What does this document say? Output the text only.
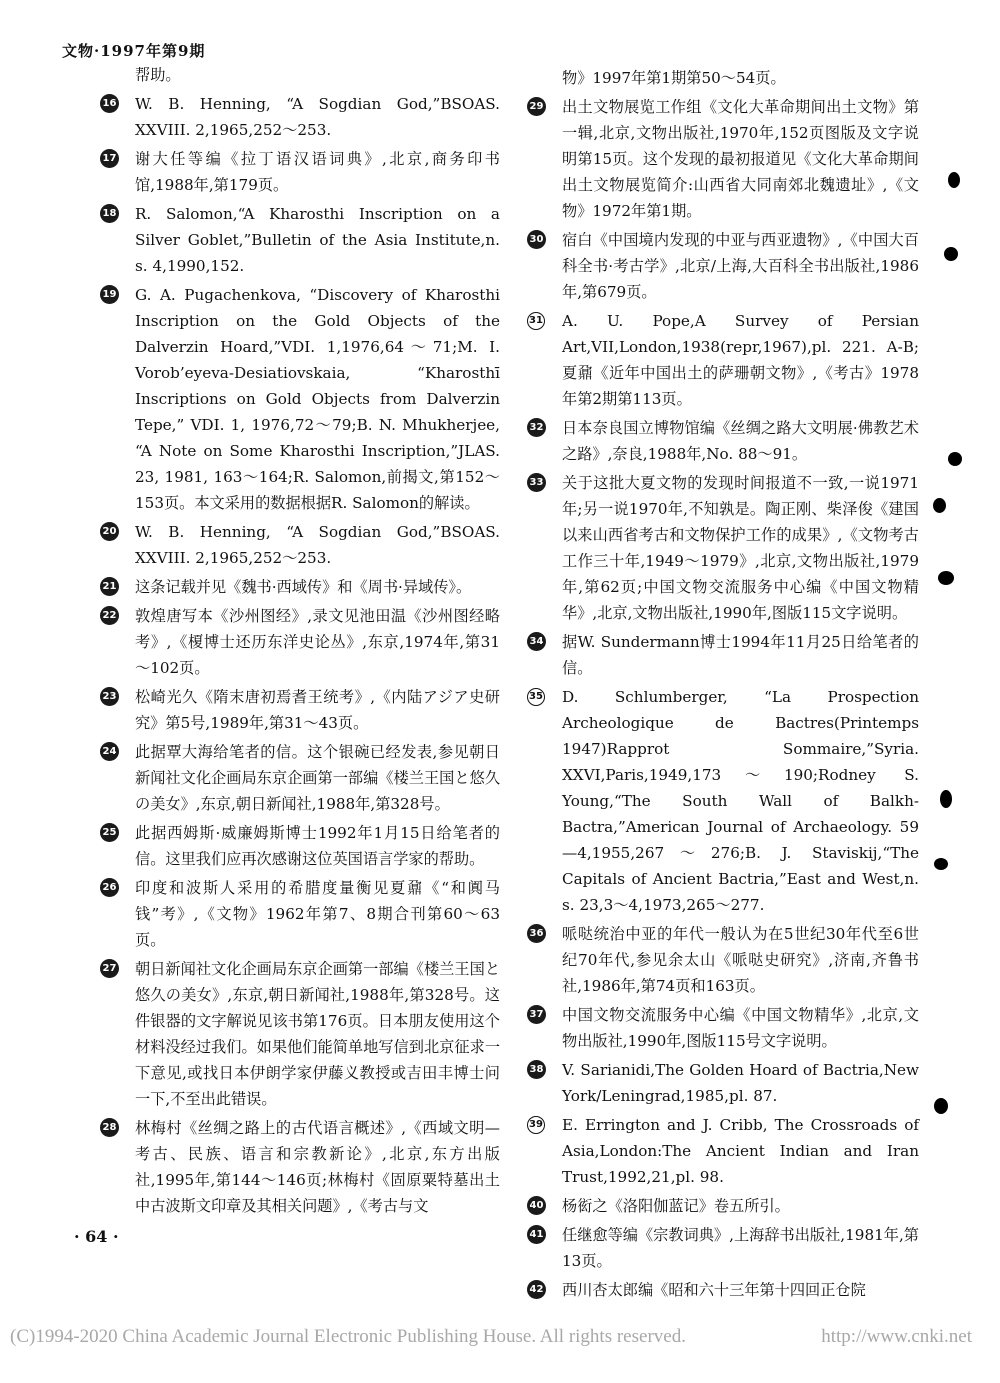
文物·1997年第9期
帮助。
16 W. B. Henning, “A Sogdian God,”BSOAS. XXVIII. 2,1965,252～253.
17 谢大任等编《拉丁语汉语词典》,北京,商务印书馆,1988年,第179页。
18 R. Salomon,“A Kharosthi Inscription on a Silver Goblet,”Bulletin of the Asia Institute,n. s. 4,1990,152.
19 G. A. Pugachenkova, “Discovery of Kharosthi Inscription on the Gold Objects of the Dalverzin Hoard,”VDI. 1,1976,64～71;M. I. Vorob’eyeva-Desiatiovskaia, “Kharosthī Inscriptions on Gold Objects from Dalverzin Tepe,” VDI. 1, 1976,72～79;B. N. Mhukherjee, “A Note on Some Kharosthi Inscription,”JLAS. 23, 1981, 163～164;R. Salomon,前揭文,第152～153页。本文采用的数据根据R. Salomon的解读。
20 W. B. Henning, “A Sogdian God,”BSOAS. XXVIII. 2,1965,252～253.
21 这条记载并见《魏书·西域传》和《周书·异域传》。
22 敦煌唐写本《沙州图经》,录文见池田温《沙州图经略考》,《榎博士还历东洋史论丛》,东京,1974年,第31～102页。
23 松崎光久《隋末唐初焉耆王统考》,《内陆アジア史研究》第5号,1989年,第31～43页。
24 此据覃大海给笔者的信。这个银碗已经发表,参见朝日新闻社文化企画局东京企画第一部编《楼兰王国と悠久の美女》,东京,朝日新闻社,1988年,第328号。
25 此据西姆斯·威廉姆斯博士1992年1月15日给笔者的信。这里我们应再次感谢这位英国语言学家的帮助。
26 印度和波斯人采用的希腊度量衡见夏鼐《“和阗马钱”考》,《文物》1962年第7、8期合刊第60～63页。
27 朝日新闻社文化企画局东京企画第一部编《楼兰王国と悠久の美女》,东京,朝日新闻社,1988年,第328号。这件银器的文字解说见该书第176页。日本朋友使用这个材料没经过我们。如果他们能简单地写信到北京征求一下意见,或找日本伊朗学家伊藤义教授或吉田丰博士问一下,不至出此错误。
28 林梅村《丝绸之路上的古代语言概述》,《西域文明—考古、民族、语言和宗教新论》,北京,东方出版社,1995年,第144～146页;林梅村《固原粟特墓出土中古波斯文印章及其相关问题》,《考古与文
物》1997年第1期第50～54页。
29 出土文物展览工作组《文化大革命期间出土文物》第一辑,北京,文物出版社,1970年,152页图版及文字说明第15页。这个发现的最初报道见《文化大革命期间出土文物展览简介:山西省大同南郊北魏遗址》,《文物》1972年第1期。
30 宿白《中国境内发现的中亚与西亚遗物》,《中国大百科全书·考古学》,北京/上海,大百科全书出版社,1986年,第679页。
31 A. U. Pope,A Survey of Persian Art,VII,London,1938(repr,1967),pl. 221. A-B;夏鼐《近年中国出土的萨珊朝文物》,《考古》1978年第2期第113页。
32 日本奈良国立博物馆编《丝绸之路大文明展·佛教艺术之路》,奈良,1988年,No. 88～91。
33 关于这批大夏文物的发现时间报道不一致,一说1971年;另一说1970年,不知孰是。陶正刚、柴泽俊《建国以来山西省考古和文物保护工作的成果》,《文物考古工作三十年,1949～1979》,北京,文物出版社,1979年,第62页;中国文物交流服务中心编《中国文物精华》,北京,文物出版社,1990年,图版115文字说明。
34 据W. Sundermann博士1994年11月25日给笔者的信。
35 D. Schlumberger, “La Prospection Archeologique de Bactres(Printemps 1947)Rapprot Sommaire,”Syria. XXVI,Paris,1949,173～190;Rodney S. Young,“The South Wall of Balkh-Bactra,”American Journal of Archaeology. 59—4,1955,267～276;B. J. Staviskij,“The Capitals of Ancient Bactria,”East and West,n. s. 23,3～4,1973,265～277.
36 哌哒统治中亚的年代一般认为在5世纪30年代至6世纪70年代,参见余太山《哌哒史研究》,济南,齐鲁书社,1986年,第74页和163页。
37 中国文物交流服务中心编《中国文物精华》,北京,文物出版社,1990年,图版115号文字说明。
38 V. Sarianidi,The Golden Hoard of Bactria,New York/Leningrad,1985,pl. 87.
39 E. Errington and J. Cribb, The Crossroads of Asia,London:The Ancient Indian and Iran Trust,1992,21,pl. 98.
40 杨衒之《洛阳伽蓝记》卷五所引。
41 任继愈等编《宗教词典》,上海辞书出版社,1981年,第13页。
42 西川杏太郎编《昭和六十三年第十四回正仓院
· 64 ·
(C)1994-2020 China Academic Journal Electronic Publishing House. All rights reserved.	http://www.cnki.net
